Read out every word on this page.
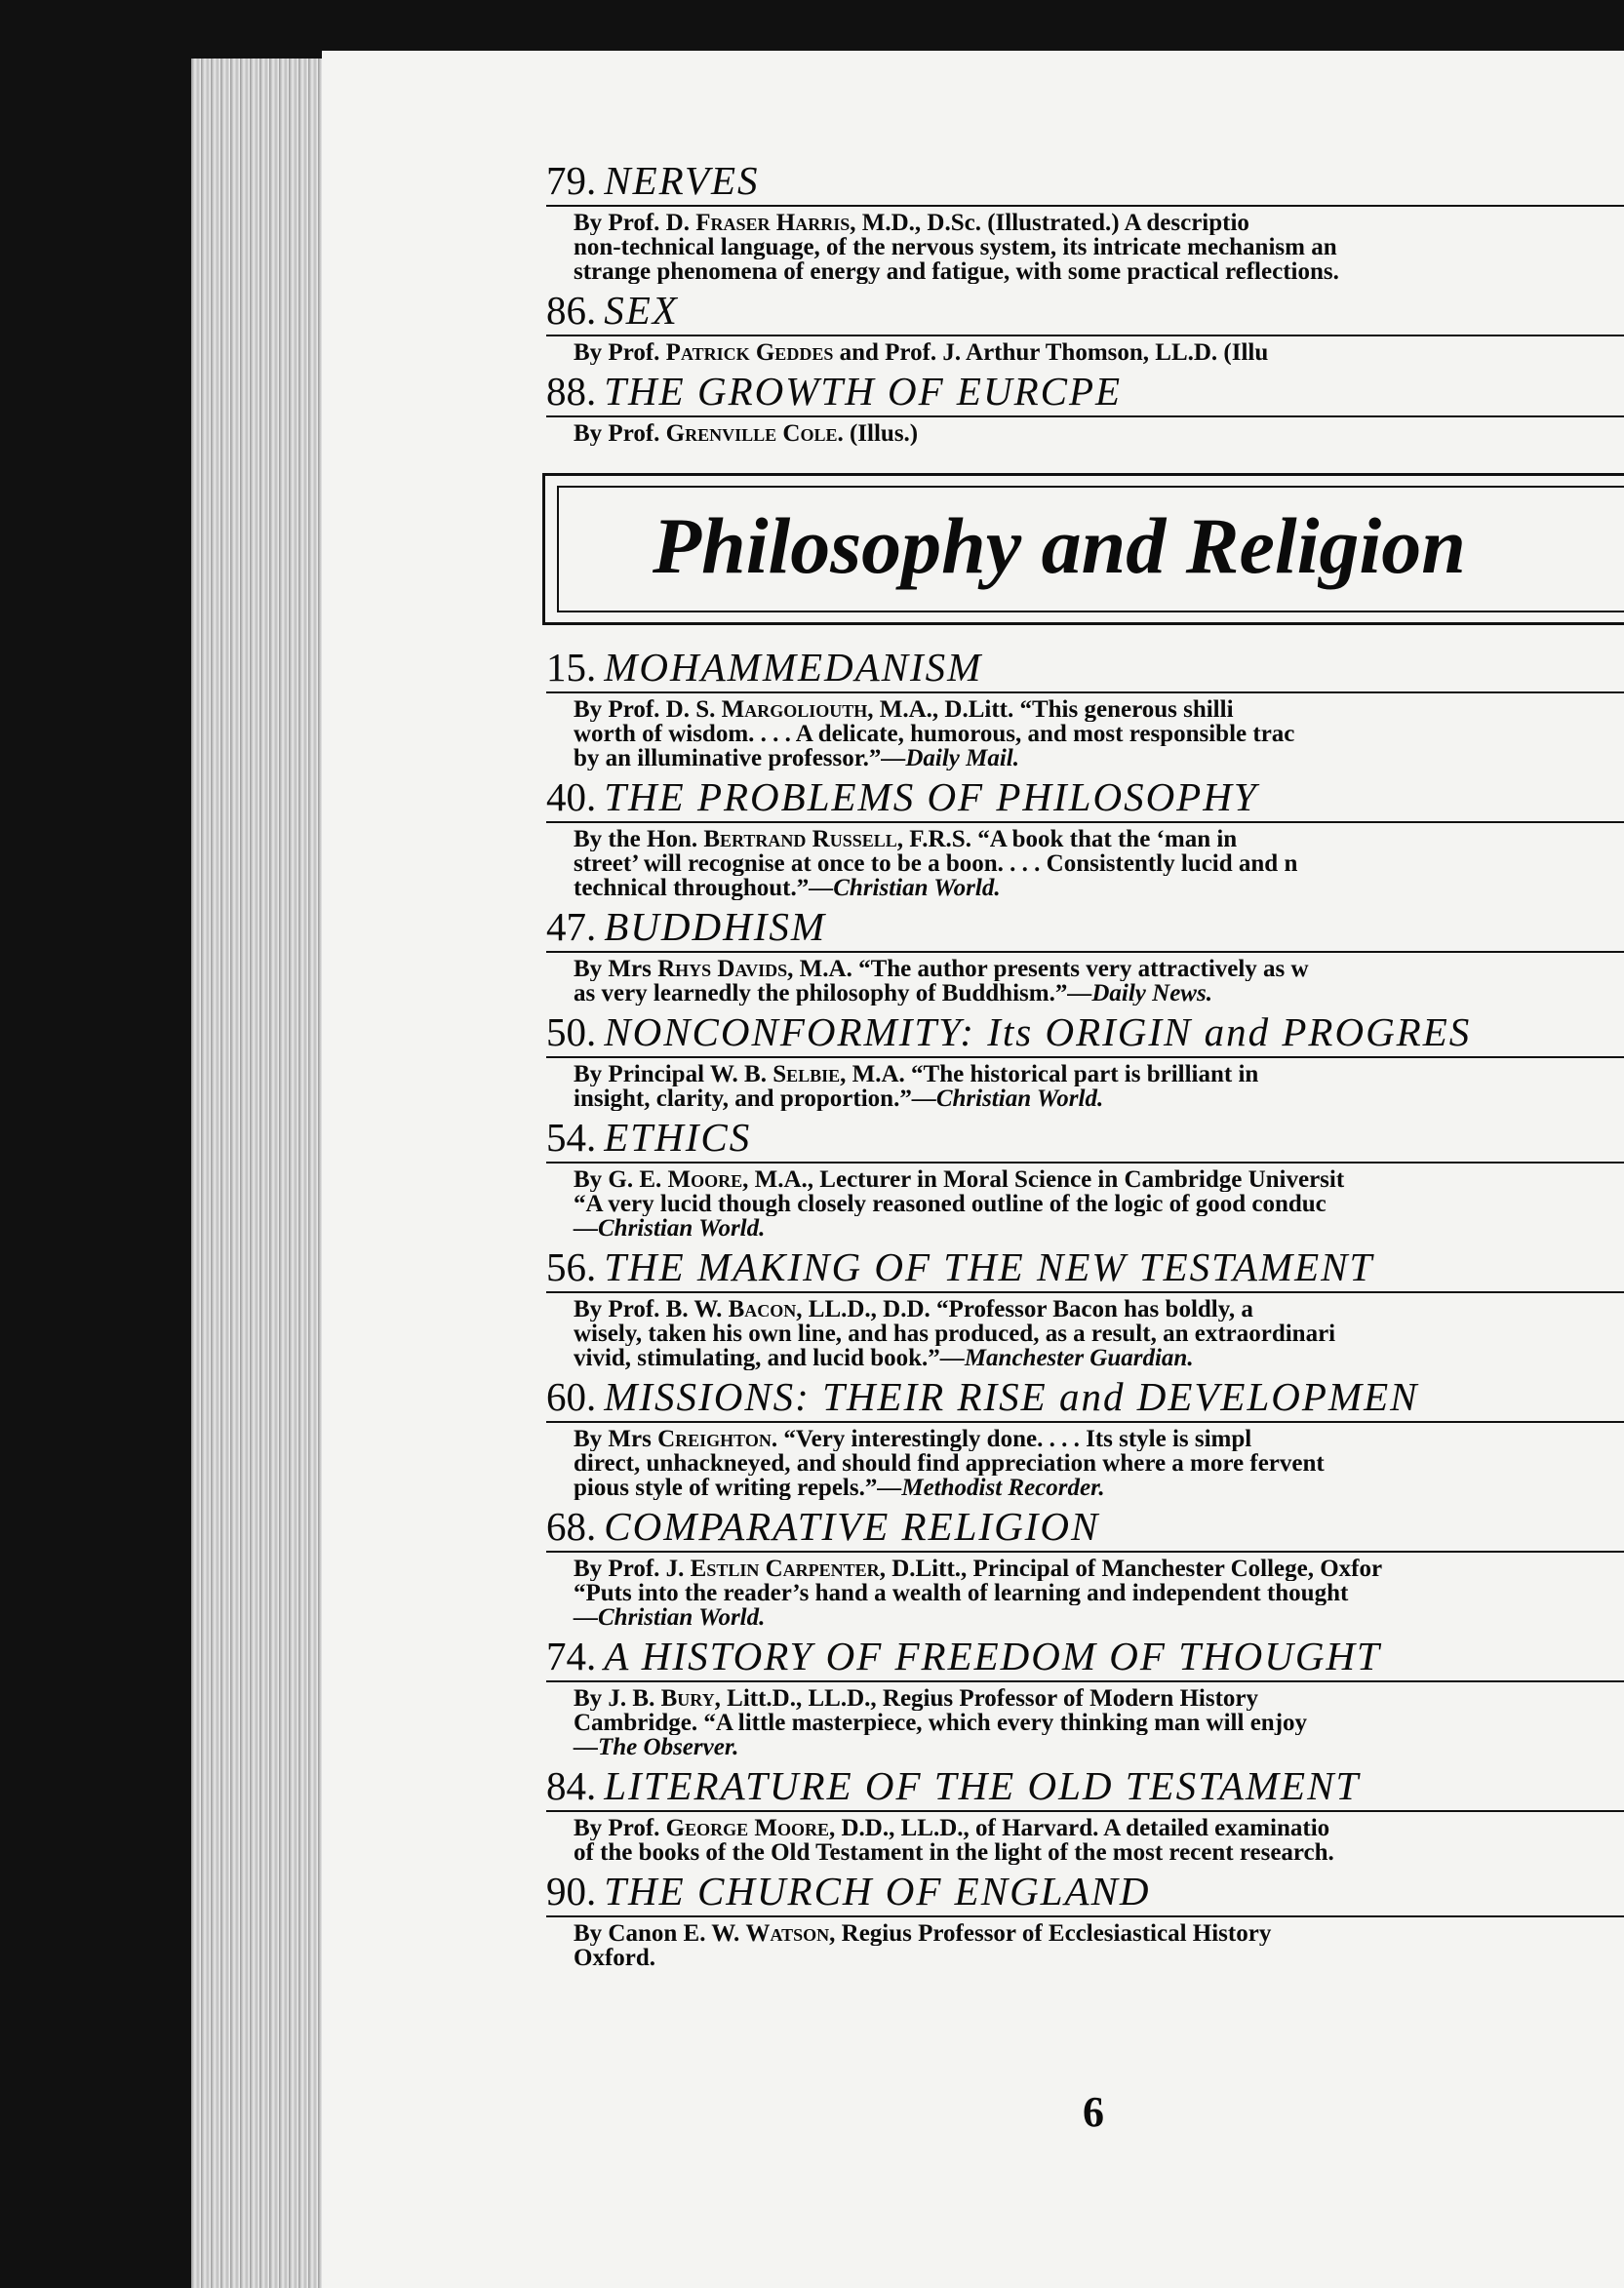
79. NERVES
By Prof. D. Fraser Harris, M.D., D.Sc. (Illustrated.) A descriptio
non-technical language, of the nervous system, its intricate mechanism an
strange phenomena of energy and fatigue, with some practical reflections.
86. SEX
By Prof. Patrick Geddes and Prof. J. Arthur Thomson, LL.D. (Illu
88. THE GROWTH OF EURCPE
By Prof. Grenville Cole. (Illus.)
Philosophy and Religion
15. MOHAMMEDANISM
By Prof. D. S. Margoliouth, M.A., D.Litt. “This generous shilli
worth of wisdom. . . . A delicate, humorous, and most responsible trac
by an illuminative professor.”—Daily Mail.
40. THE PROBLEMS OF PHILOSOPHY
By the Hon. Bertrand Russell, F.R.S. “A book that the ‘man in
street’ will recognise at once to be a boon. . . . Consistently lucid and n
technical throughout.”—Christian World.
47. BUDDHISM
By Mrs Rhys Davids, M.A. “The author presents very attractively as w
as very learnedly the philosophy of Buddhism.”—Daily News.
50. NONCONFORMITY: Its ORIGIN and PROGRES
By Principal W. B. Selbie, M.A. “The historical part is brilliant in
insight, clarity, and proportion.”—Christian World.
54. ETHICS
By G. E. Moore, M.A., Lecturer in Moral Science in Cambridge Universit
“A very lucid though closely reasoned outline of the logic of good conduc
—Christian World.
56. THE MAKING OF THE NEW TESTAMENT
By Prof. B. W. Bacon, LL.D., D.D. “Professor Bacon has boldly, a
wisely, taken his own line, and has produced, as a result, an extraordinari
vivid, stimulating, and lucid book.”—Manchester Guardian.
60. MISSIONS: THEIR RISE and DEVELOPMEN
By Mrs Creighton. “Very interestingly done. . . . Its style is simpl
direct, unhackneyed, and should find appreciation where a more fervent
pious style of writing repels.”—Methodist Recorder.
68. COMPARATIVE RELIGION
By Prof. J. Estlin Carpenter, D.Litt., Principal of Manchester College, Oxfor
“Puts into the reader’s hand a wealth of learning and independent thought
—Christian World.
74. A HISTORY OF FREEDOM OF THOUGHT
By J. B. Bury, Litt.D., LL.D., Regius Professor of Modern History
Cambridge. “A little masterpiece, which every thinking man will enjoy
—The Observer.
84. LITERATURE OF THE OLD TESTAMENT
By Prof. George Moore, D.D., LL.D., of Harvard. A detailed examinatio
of the books of the Old Testament in the light of the most recent research.
90. THE CHURCH OF ENGLAND
By Canon E. W. Watson, Regius Professor of Ecclesiastical History
Oxford.
6
